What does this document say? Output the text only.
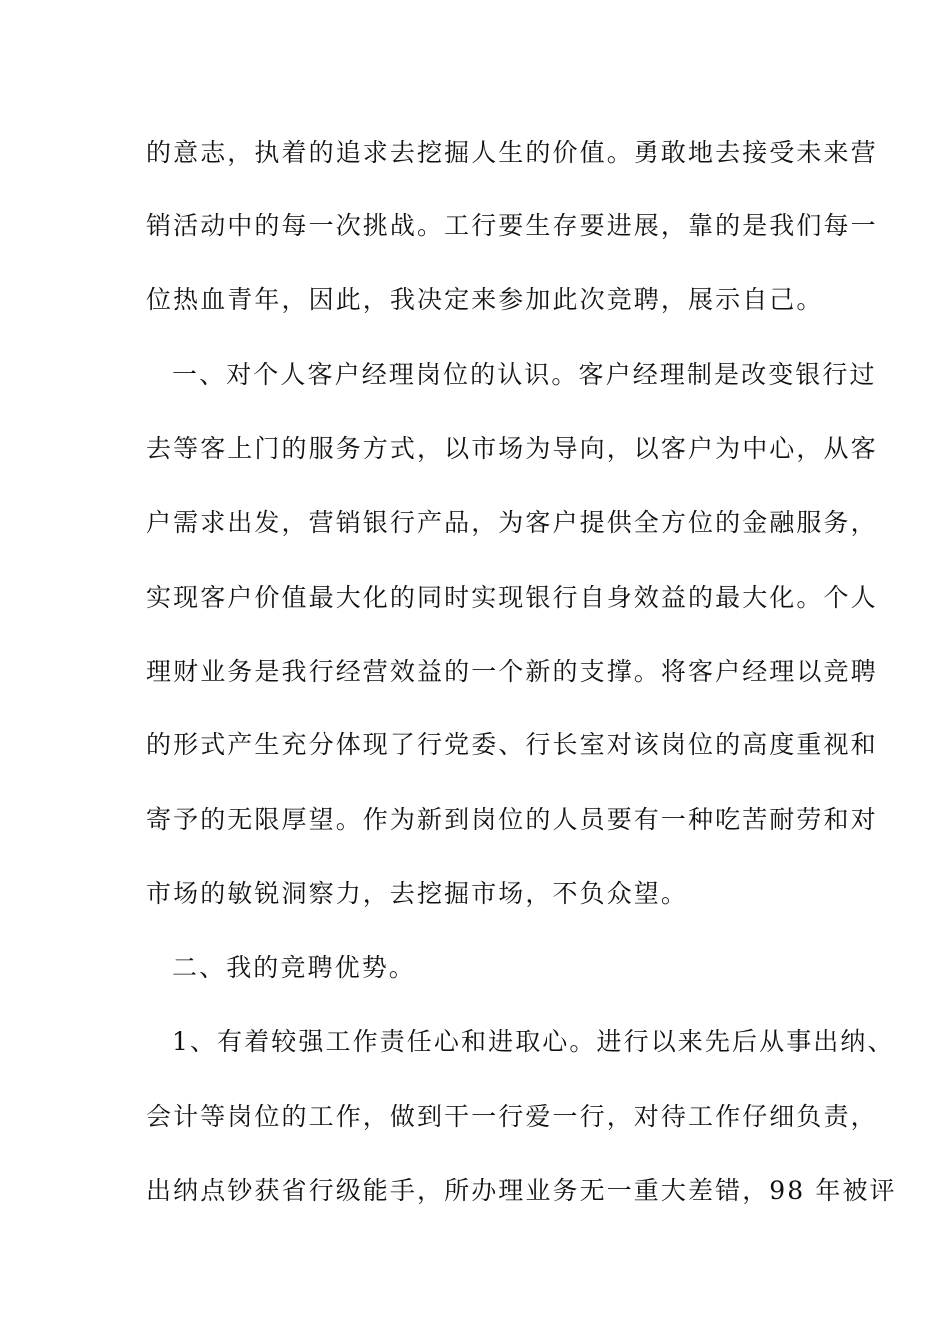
的意志，执着的追求去挖掘人生的价值。勇敢地去接受未来营
销活动中的每一次挑战。工行要生存要进展，靠的是我们每一
位热血青年，因此，我决定来参加此次竞聘，展示自己。
一、对个人客户经理岗位的认识。客户经理制是改变银行过
去等客上门的服务方式，以市场为导向，以客户为中心，从客
户需求出发，营销银行产品，为客户提供全方位的金融服务，
实现客户价值最大化的同时实现银行自身效益的最大化。个人
理财业务是我行经营效益的一个新的支撑。将客户经理以竞聘
的形式产生充分体现了行党委、行长室对该岗位的高度重视和
寄予的无限厚望。作为新到岗位的人员要有一种吃苦耐劳和对
市场的敏锐洞察力，去挖掘市场，不负众望。
二、我的竞聘优势。
1、有着较强工作责任心和进取心。进行以来先后从事出纳、
会计等岗位的工作，做到干一行爱一行，对待工作仔细负责，
出纳点钞获省行级能手，所办理业务无一重大差错，98 年被评
